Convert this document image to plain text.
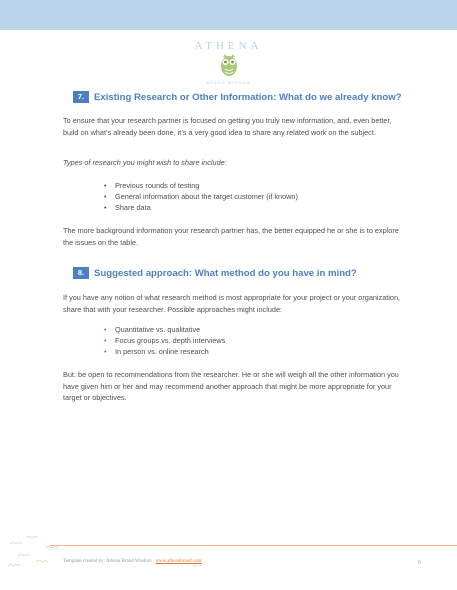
ATHENA
BRAND WISDOM
7.	Existing Research or Other Information: What do we already know?

To ensure that your research partner is focused on getting you truly new information, and, even better, build on what’s already been done, it’s a very good idea to share any related work on the subject.

Types of research you might wish to share include:

• Previous rounds of testing
• General information about the target customer (if known)
• Share data

The more background information your research partner has, the better equipped he or she is to explore the issues on the table.

8.	Suggested approach: What method do you have in mind?

If you have any notion of what research method is most appropriate for your project or your organization, share that with your researcher. Possible approaches might include:

• Quantitative vs. qualitative
• Focus groups vs. depth interviews
• In person vs. online research

But: be open to recommendations from the researcher. He or she will weigh all the other information you have given him or her and may recommend another approach that might be more appropriate for your target or objectives.

Template created by: Athena Brand Wisdom www.athenabrand.com	6
